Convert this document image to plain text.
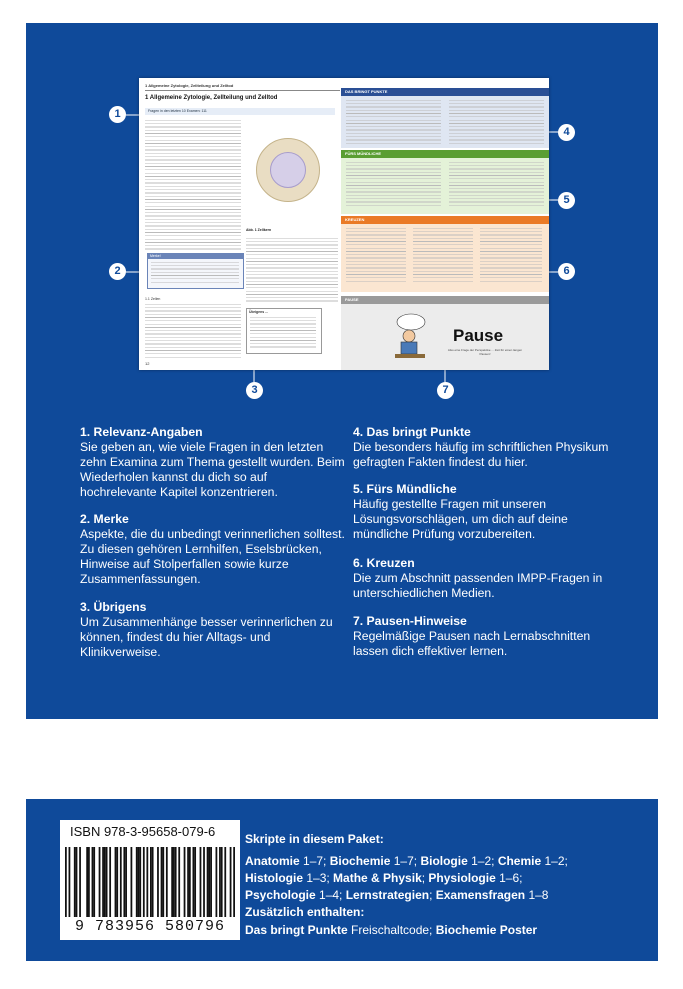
1 Allgemeine Zytologie, Zellteilung und Zelltod
1 Allgemeine Zytologie, Zellteilung und Zelltod
Fragen in den letzten 10 Examen: 111
Merke!
1.1 Zellen
Abb. 1 Zellkern
Übrigens ...
12
DAS BRINGT PUNKTE
FÜRS MÜNDLICHE
KREUZEN
PAUSE
Pause
Also eine Frage der Perspektive ... Zeit für einen langen Pausen!
1
2
3
4
5
6
7
1. Relevanz-Angaben
Sie geben an, wie viele Fragen in den letzten zehn Examina zum Thema gestellt wurden. Beim Wiederholen kannst du dich so auf hochrelevante Kapitel konzentrieren.
2. Merke
Aspekte, die du unbedingt verinnerlichen solltest. Zu diesen gehören Lernhilfen, Eselsbrücken, Hinweise auf Stolperfallen sowie kurze Zusammenfassungen.
3. Übrigens
Um Zusammenhänge besser verinnerlichen zu können, findest du hier Alltags- und Klinikverweise.
4. Das bringt Punkte
Die besonders häufig im schriftlichen Physikum gefragten Fakten findest du hier.
5. Fürs Mündliche
Häufig gestellte Fragen mit unseren Lösungsvorschlägen, um dich auf deine mündliche Prüfung vorzubereiten.
6. Kreuzen
Die zum Abschnitt passenden IMPP-Fragen in unterschiedlichen Medien.
7. Pausen-Hinweise
Regelmäßige Pausen nach Lernabschnitten lassen dich effektiver lernen.
ISBN 978-3-95658-079-6
9 783956 580796
Skripte in diesem Paket:
Anatomie 1–7; Biochemie 1–7; Biologie 1–2; Chemie 1–2;
Histologie 1–3; Mathe & Physik; Physiologie 1–6;
Psychologie 1–4; Lernstrategien; Examensfragen 1–8
Zusätzlich enthalten:
Das bringt Punkte Freischaltcode; Biochemie Poster
